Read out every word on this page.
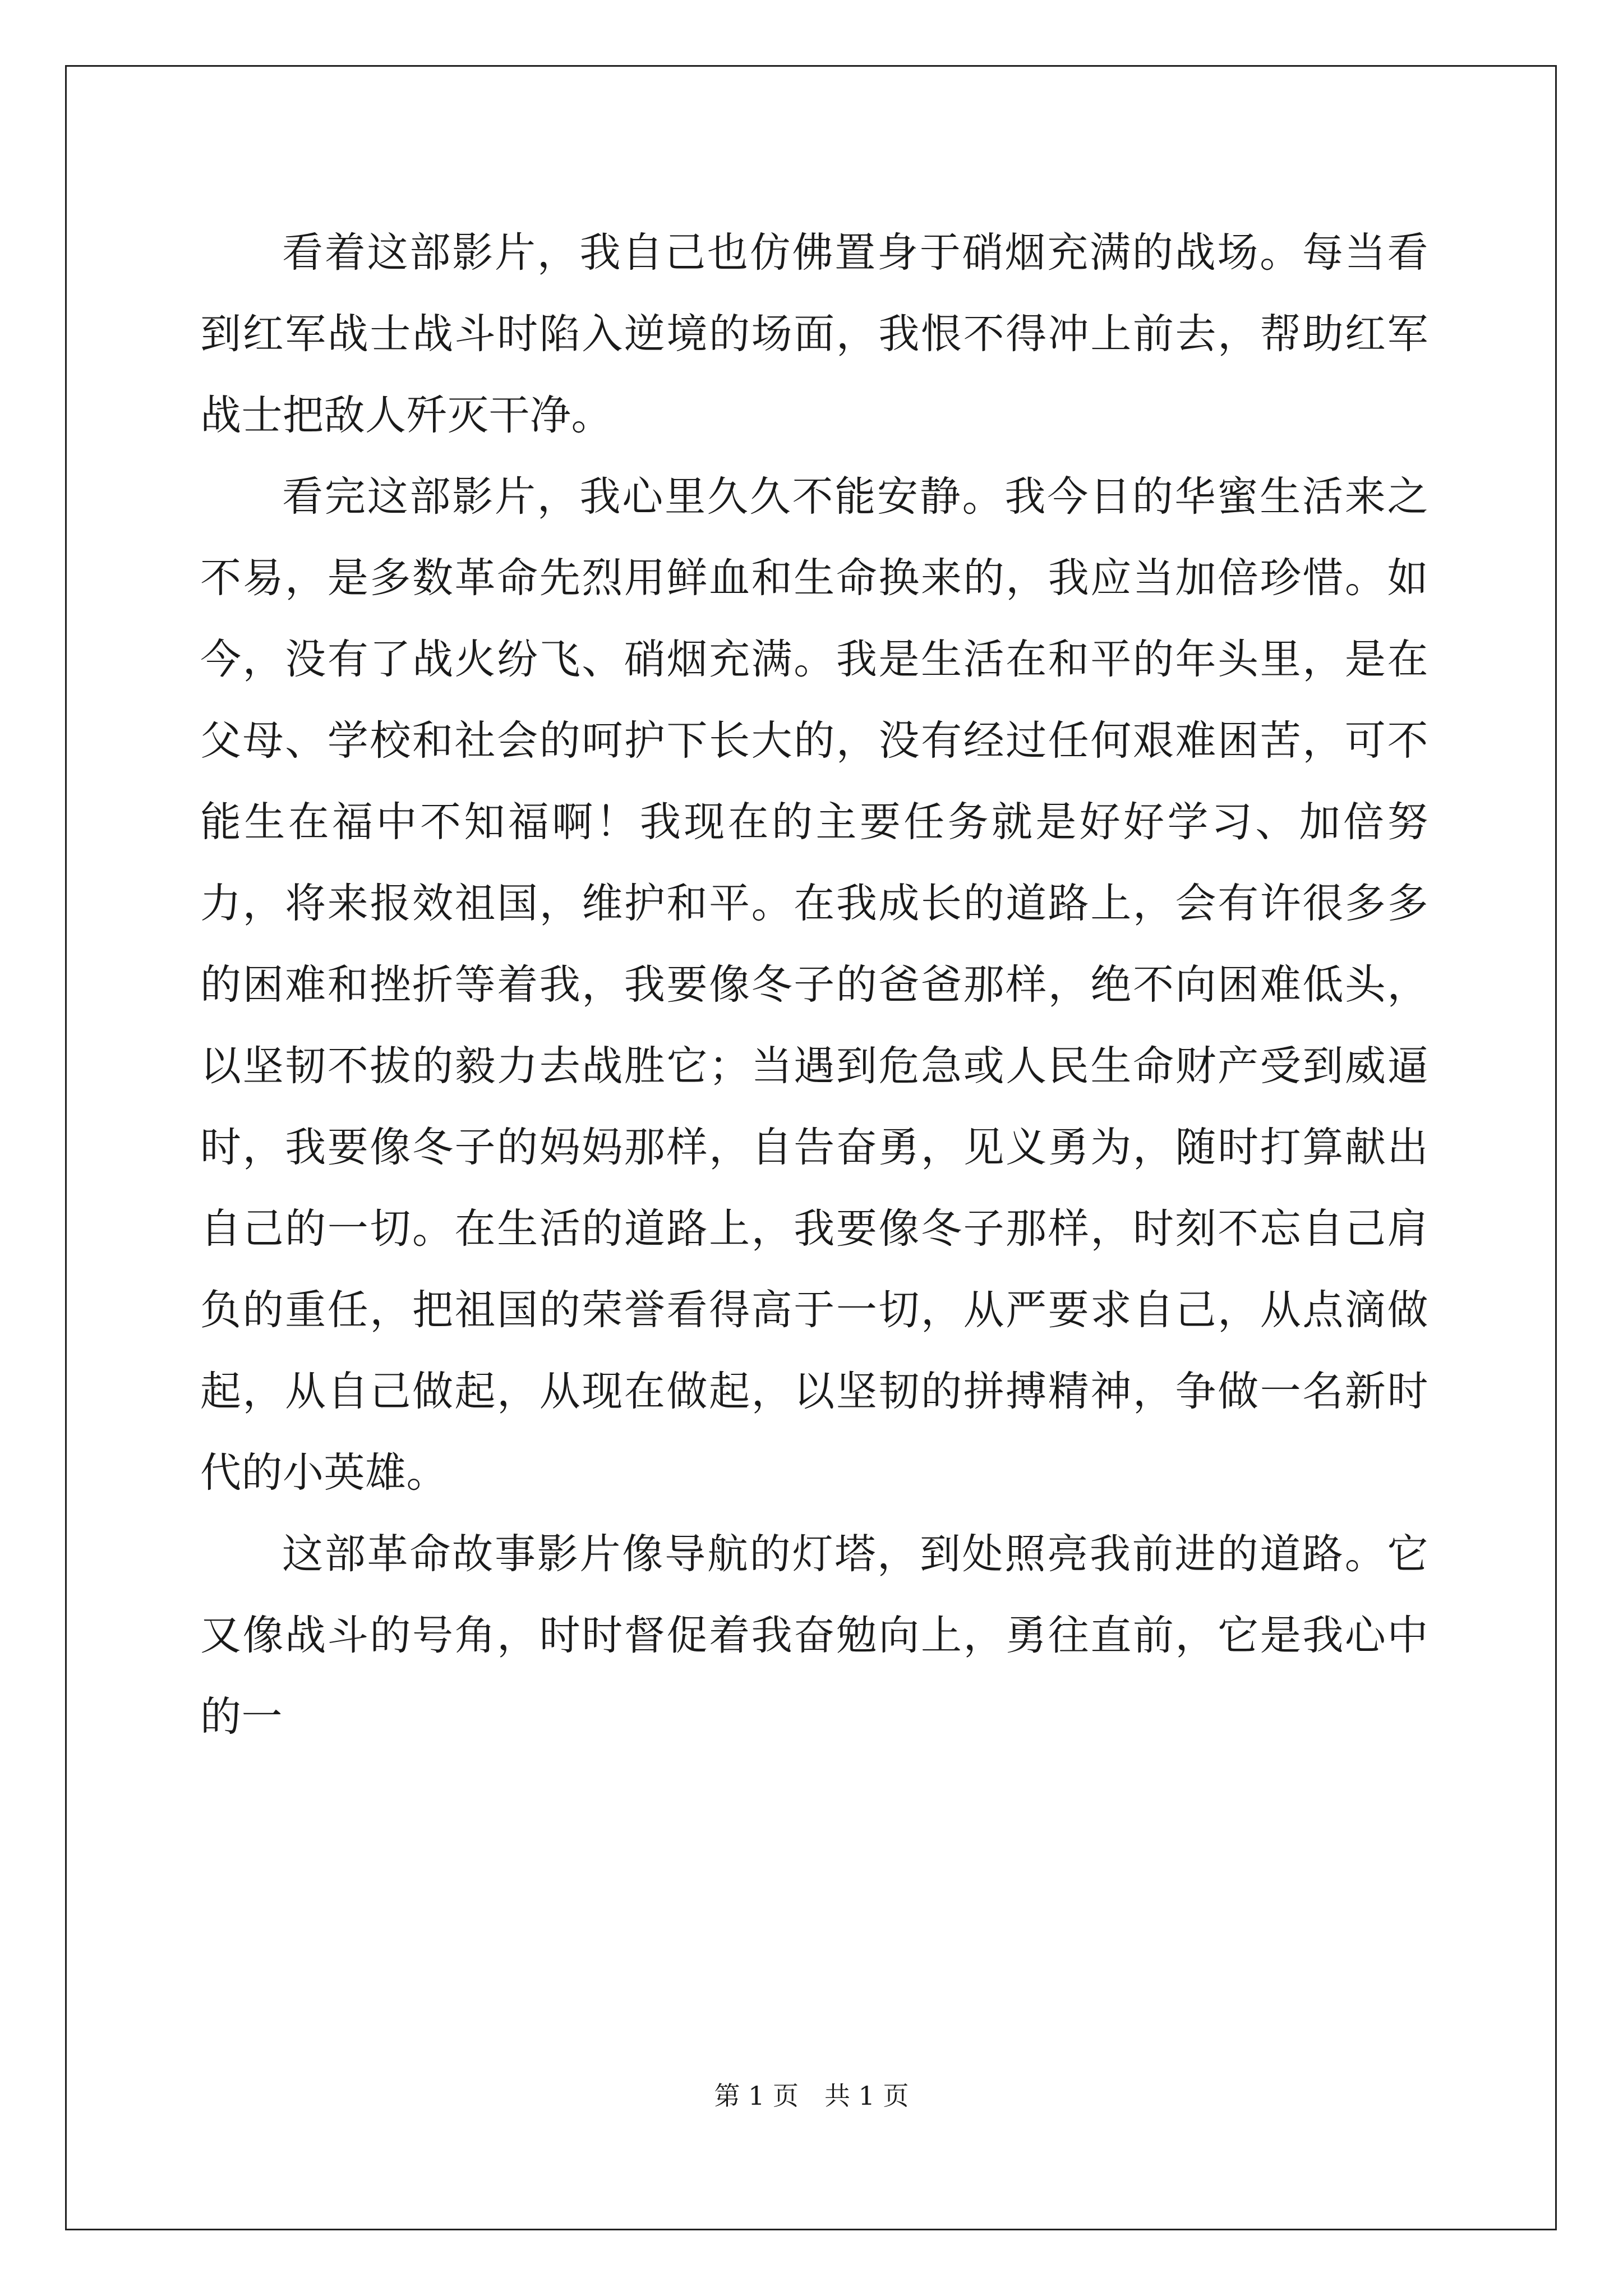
看着这部影片，我自己也仿佛置身于硝烟充满的战场。每当看到红军战士战斗时陷入逆境的场面，我恨不得冲上前去，帮助红军战士把敌人歼灭干净。

看完这部影片，我心里久久不能安静。我今日的华蜜生活来之不易，是多数革命先烈用鲜血和生命换来的，我应当加倍珍惜。如今，没有了战火纷飞、硝烟充满。我是生活在和平的年头里，是在父母、学校和社会的呵护下长大的，没有经过任何艰难困苦，可不能生在福中不知福啊！我现在的主要任务就是好好学习、加倍努力，将来报效祖国，维护和平。在我成长的道路上，会有许很多多的困难和挫折等着我，我要像冬子的爸爸那样，绝不向困难低头，以坚韧不拔的毅力去战胜它；当遇到危急或人民生命财产受到威逼时，我要像冬子的妈妈那样，自告奋勇，见义勇为，随时打算献出自己的一切。在生活的道路上，我要像冬子那样，时刻不忘自己肩负的重任，把祖国的荣誉看得高于一切，从严要求自己，从点滴做起，从自己做起，从现在做起，以坚韧的拼搏精神，争做一名新时代的小英雄。

这部革命故事影片像导航的灯塔，到处照亮我前进的道路。它又像战斗的号角，时时督促着我奋勉向上，勇往直前，它是我心中的一

第 1 页　共 1 页
